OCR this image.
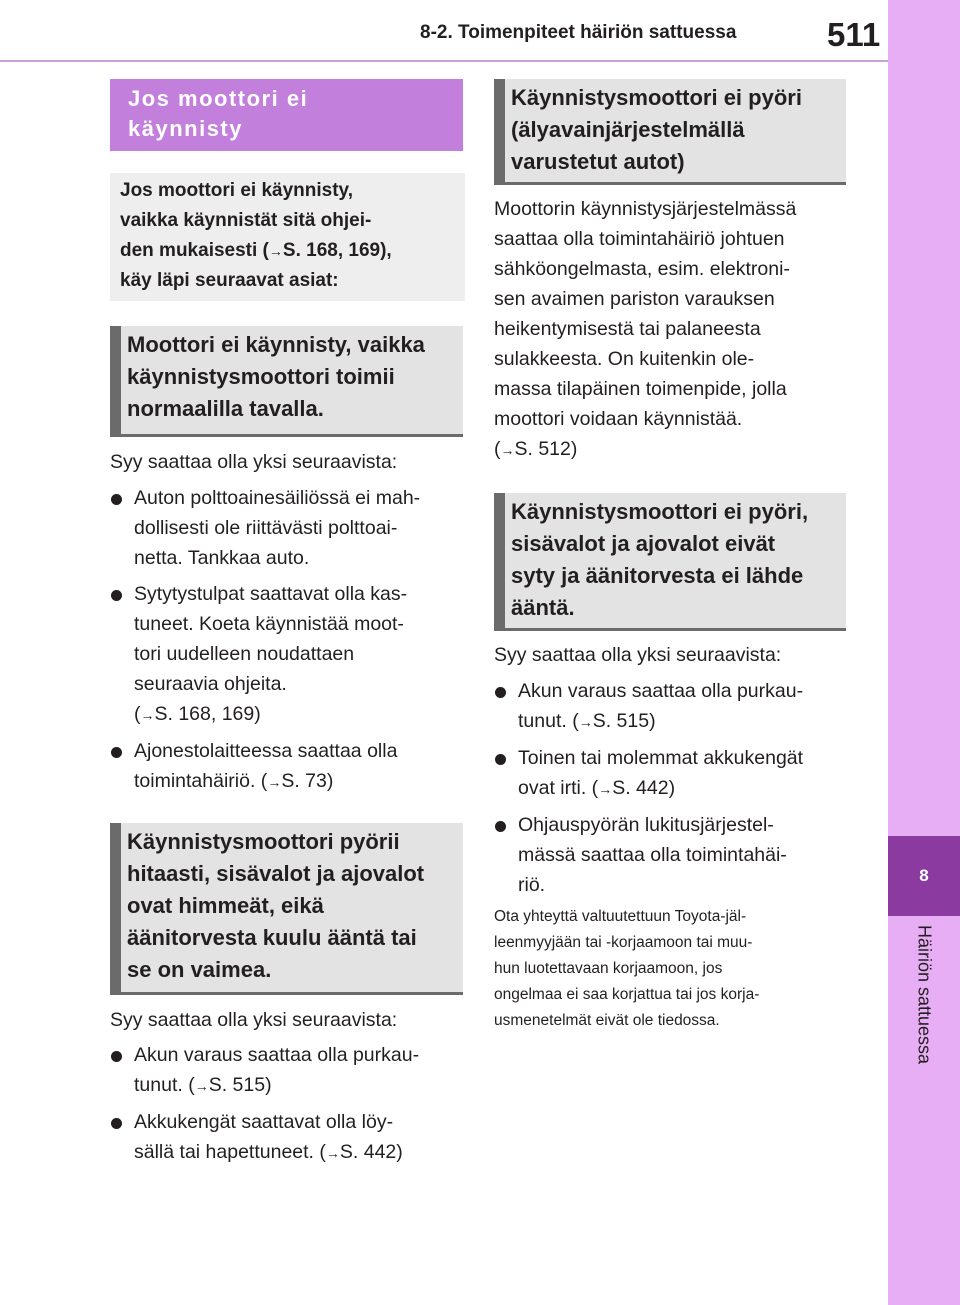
8-2. Toimenpiteet häiriön sattuessa	511
8
Häiriön sattuessa
Jos moottori ei
käynnisty
Jos moottori ei käynnisty,
vaikka käynnistät sitä ohjei-
den mukaisesti (→S. 168, 169),
käy läpi seuraavat asiat:
Moottori ei käynnisty, vaikka
käynnistysmoottori toimii
normaalilla tavalla.

Syy saattaa olla yksi seuraavista:

Auton polttoainesäiliössä ei mah-
dollisesti ole riittävästi polttoai-
netta. Tankkaa auto.
Sytytystulpat saattavat olla kas-
tuneet. Koeta käynnistää moot-
tori uudelleen noudattaen
seuraavia ohjeita.
(→S. 168, 169)
Ajonestolaitteessa saattaa olla
toimintahäiriö. (→S. 73)
Käynnistysmoottori pyörii
hitaasti, sisävalot ja ajovalot
ovat himmeät, eikä
äänitorvesta kuulu ääntä tai
se on vaimea.

Syy saattaa olla yksi seuraavista:

Akun varaus saattaa olla purkau-
tunut. (→S. 515)
Akkukengät saattavat olla löy-
sällä tai hapettuneet. (→S. 442)
Käynnistysmoottori ei pyöri
(älyavainjärjestelmällä
varustetut autot)
Moottorin käynnistysjärjestelmässä
saattaa olla toimintahäiriö johtuen
sähköongelmasta, esim. elektroni-
sen avaimen pariston varauksen
heikentymisestä tai palaneesta
sulakkeesta. On kuitenkin ole-
massa tilapäinen toimenpide, jolla
moottori voidaan käynnistää.
(→S. 512)
Käynnistysmoottori ei pyöri,
sisävalot ja ajovalot eivät
syty ja äänitorvesta ei lähde
ääntä.

Syy saattaa olla yksi seuraavista:

Akun varaus saattaa olla purkau-
tunut. (→S. 515)
Toinen tai molemmat akkukengät
ovat irti. (→S. 442)
Ohjauspyörän lukitusjärjestel-
mässä saattaa olla toimintahäi-
riö.
Ota yhteyttä valtuutettuun Toyota-jäl-
leenmyyjään tai -korjaamoon tai muu-
hun luotettavaan korjaamoon, jos
ongelmaa ei saa korjattua tai jos korja-
usmenetelmät eivät ole tiedossa.
